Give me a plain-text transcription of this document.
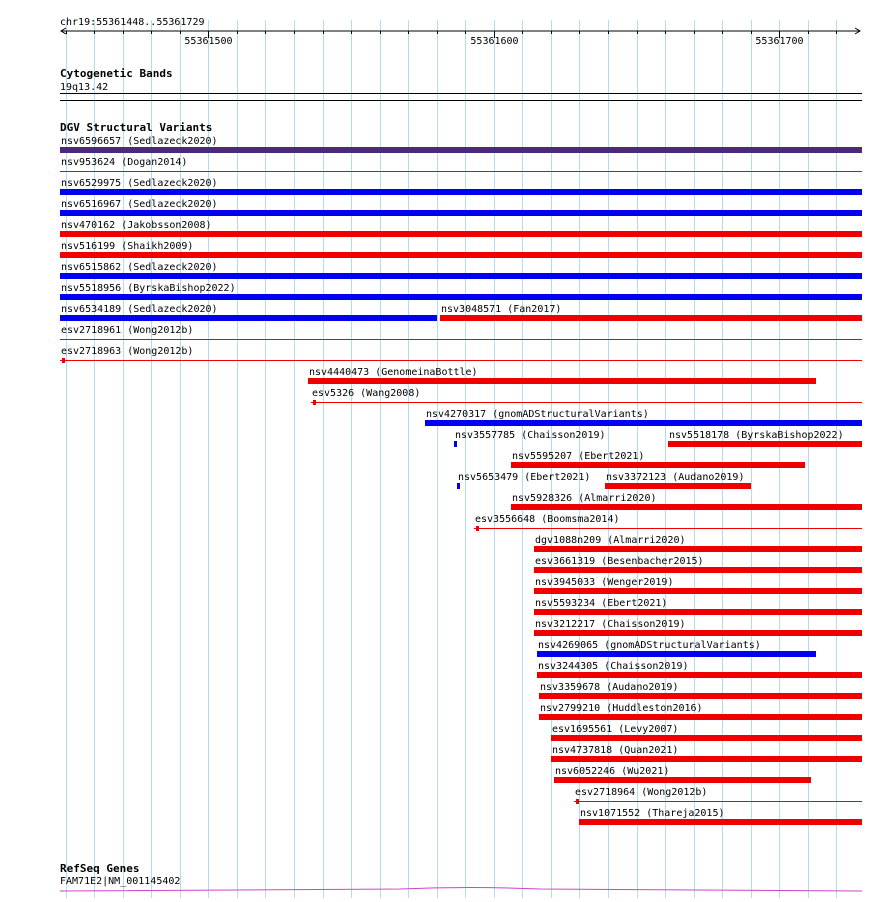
chr19:55361448..55361729
55361500	55361600	55361700
Cytogenetic Bands
19q13.42
DGV Structural Variants
nsv6596657 (Sedlazeck2020)
nsv953624 (Dogan2014)
nsv6529975 (Sedlazeck2020)
nsv6516967 (Sedlazeck2020)
nsv470162 (Jakobsson2008)
nsv516199 (Shaikh2009)
nsv6515862 (Sedlazeck2020)
nsv5518956 (ByrskaBishop2022)
nsv6534189 (Sedlazeck2020)	nsv3048571 (Fan2017)
esv2718961 (Wong2012b)
esv2718963 (Wong2012b)
nsv4440473 (GenomeinaBottle)
esv5326 (Wang2008)
nsv4270317 (gnomADStructuralVariants)
nsv3557785 (Chaisson2019)
nsv5595207 (Ebert2021)
nsv5653479 (Ebert2021)
nsv5928326 (Almarri2020)
esv3556648 (Boomsma2014)
dgv1088n209 (Almarri2020)
esv3661319 (Besenbacher2015)
nsv3945033 (Wenger2019)
nsv5593234 (Ebert2021)
nsv3212217 (Chaisson2019)
nsv4269065 (gnomADStructuralVariants)
nsv3244305 (Chaisson2019)
nsv3359678 (Audano2019)
nsv2799210 (Huddleston2016)
esv1695561 (Levy2007)
nsv4737818 (Quan2021)
nsv6052246 (Wu2021)
esv2718964 (Wong2012b)
nsv1071552 (Thareja2015)
nsv3372123 (Audano2019)
nsv5518178 (ByrskaBishop2022)
RefSeq Genes
FAM71E2|NM_001145402
